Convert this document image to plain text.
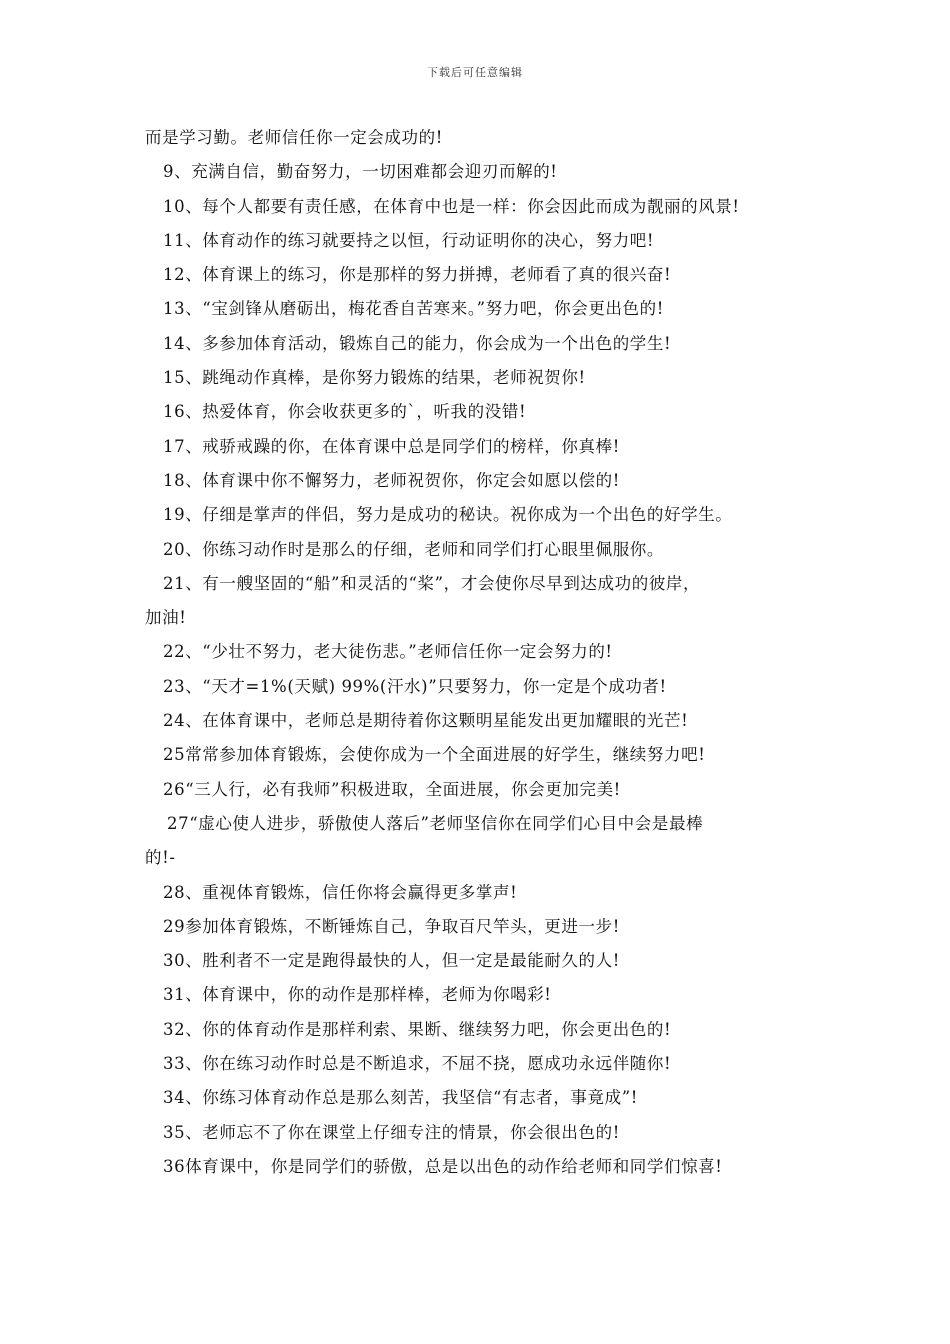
下载后可任意编辑
而是学习勤。老师信任你一定会成功的!
9、充满自信，勤奋努力，一切困难都会迎刃而解的!
10、每个人都要有责任感，在体育中也是一样：你会因此而成为靓丽的风景!
11、体育动作的练习就要持之以恒，行动证明你的决心，努力吧!
12、体育课上的练习，你是那样的努力拼搏，老师看了真的很兴奋!
13、“宝剑锋从磨砺出，梅花香自苦寒来。”努力吧，你会更出色的!
14、多参加体育活动，锻炼自己的能力，你会成为一个出色的学生!
15、跳绳动作真棒，是你努力锻炼的结果，老师祝贺你!
16、热爱体育，你会收获更多的`，听我的没错!
17、戒骄戒躁的你，在体育课中总是同学们的榜样，你真棒!
18、体育课中你不懈努力，老师祝贺你，你定会如愿以偿的!
19、仔细是掌声的伴侣，努力是成功的秘诀。祝你成为一个出色的好学生。
20、你练习动作时是那么的仔细，老师和同学们打心眼里佩服你。
21、有一艘坚固的“船”和灵活的“桨”，才会使你尽早到达成功的彼岸，
加油!
22、“少壮不努力，老大徒伤悲。”老师信任你一定会努力的!
23、“天才=1%(天赋) 99%(汗水)”只要努力，你一定是个成功者!
24、在体育课中，老师总是期待着你这颗明星能发出更加耀眼的光芒!
25常常参加体育锻炼，会使你成为一个全面进展的好学生，继续努力吧!
26“三人行，必有我师”积极进取，全面进展，你会更加完美!
27“虚心使人进步，骄傲使人落后”老师坚信你在同学们心目中会是最棒
的!-
28、重视体育锻炼，信任你将会赢得更多掌声!
29参加体育锻炼，不断锤炼自己，争取百尺竿头，更进一步!
30、胜利者不一定是跑得最快的人，但一定是最能耐久的人!
31、体育课中，你的动作是那样棒，老师为你喝彩!
32、你的体育动作是那样利索、果断、继续努力吧，你会更出色的!
33、你在练习动作时总是不断追求，不屈不挠，愿成功永远伴随你!
34、你练习体育动作总是那么刻苦，我坚信“有志者，事竟成”!
35、老师忘不了你在课堂上仔细专注的情景，你会很出色的!
36体育课中，你是同学们的骄傲，总是以出色的动作给老师和同学们惊喜!
